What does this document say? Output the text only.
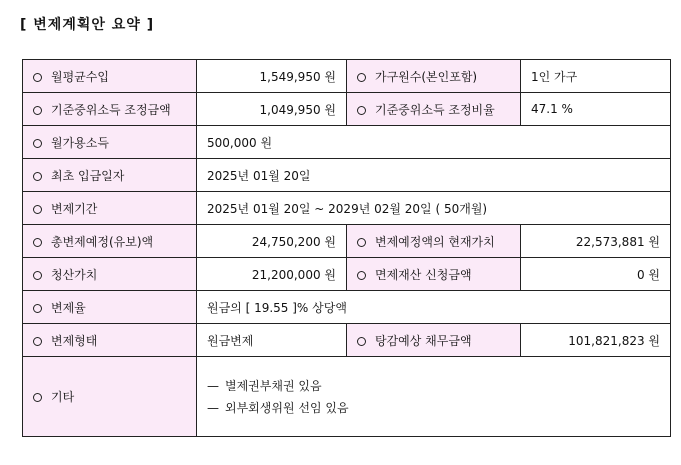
[ 변제계획안 요약 ]
월평균수입	1,549,950 원	가구원수(본인포함)	1인 가구
기준중위소득 조정금액	1,049,950 원	기준중위소득 조정비율	47.1 %
월가용소득	500,000 원		
최초 입금일자	2025년 01월 20일		
변제기간	2025년 01월 20일 ~ 2029년 02월 20일 ( 50개월)		
총변제예정(유보)액	24,750,200 원	변제예정액의 현재가치	22,573,881 원
청산가치	21,200,000 원	면제재산 신청금액	0 원
변제율	원금의 [ 19.55 ]% 상당액		
변제형태	원금변제	탕감예상 채무금액	101,821,823 원
기타	— 별제권부채권 있음
— 외부회생위원 선임 있음		
